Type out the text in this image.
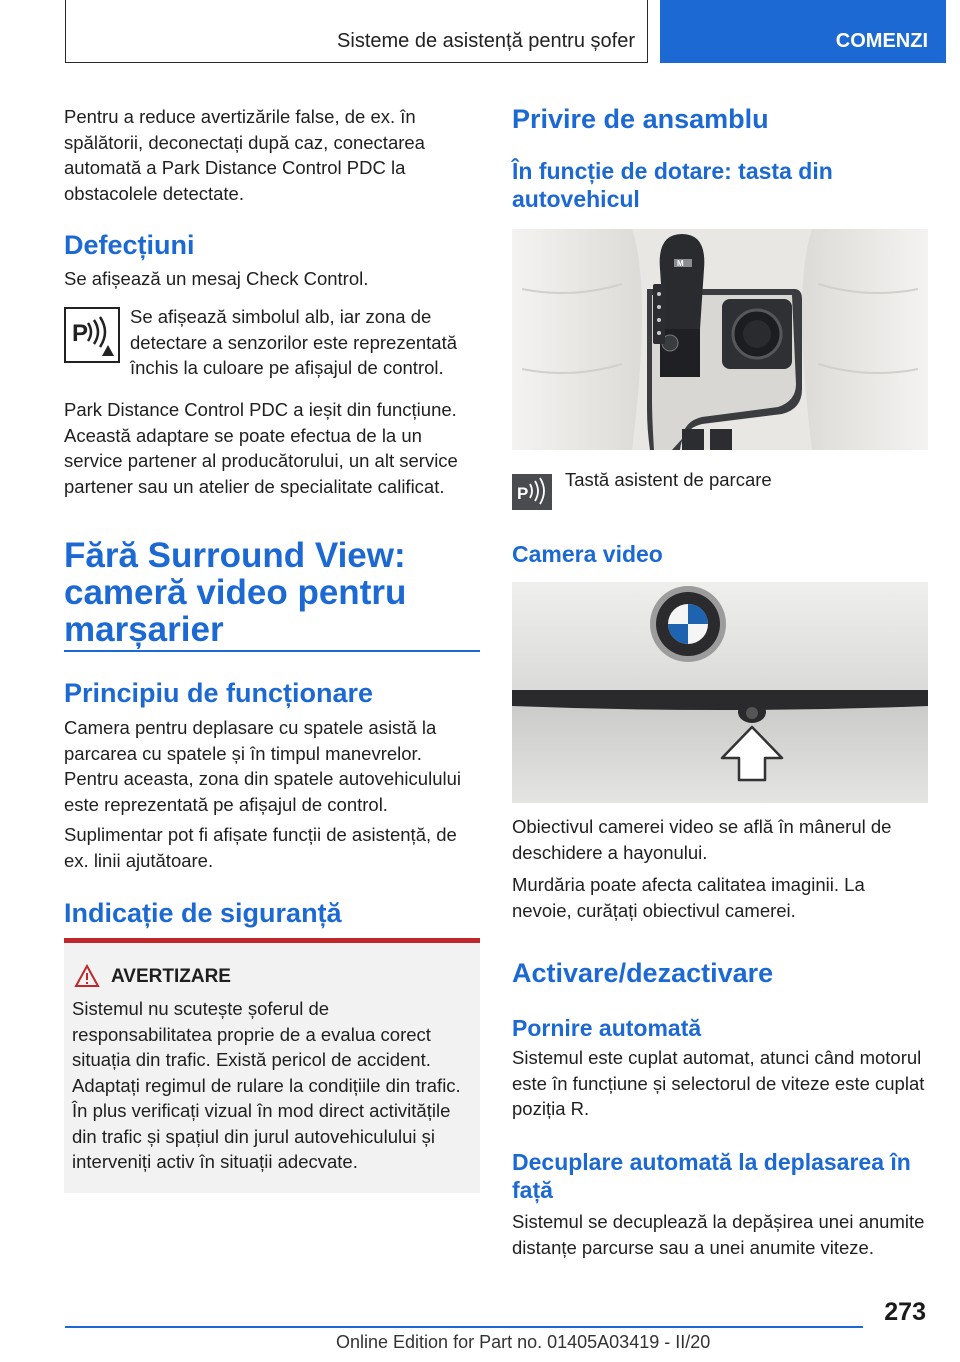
Sisteme de asistență pentru șofer	COMENZI

Pentru a reduce avertizările false, de ex. în spălătorii, deconectați după caz, conectarea automată a Park Distance Control PDC la obstacolele detectate.

Defecțiuni

Se afișează un mesaj Check Control.

P

Se afișează simbolul alb, iar zona de detectare a senzorilor este reprezentată închis la culoare pe afișajul de control.

Park Distance Control PDC a ieșit din funcțiune. Această adaptare se poate efectua de la un service partener al producătorului, un alt service partener sau un atelier de specialitate calificat.

Fără Surround View:
cameră video pentru
marșarier
Principiu de funcționare

Camera pentru deplasare cu spatele asistă la parcarea cu spatele și în timpul manevrelor. Pentru aceasta, zona din spatele autovehiculului este reprezentată pe afișajul de control.

Suplimentar pot fi afișate funcții de asistență, de ex. linii ajutătoare.

Indicație de siguranță
AVERTIZARE

Sistemul nu scutește șoferul de responsabilitatea proprie de a evalua corect situația din trafic. Există pericol de accident. Adaptați regimul de rulare la condițiile din trafic. În plus verificați vizual în mod direct activitățile din trafic și spațiul din jurul autovehiculului și interveniți activ în situații adecvate.

Privire de ansamblu
În funcție de dotare: tasta din autovehicul
M
P

Tastă asistent de parcare

Camera video

Obiectivul camerei video se află în mânerul de deschidere a hayonului.

Murdăria poate afecta calitatea imaginii. La nevoie, curățați obiectivul camerei.

Activare/dezactivare
Pornire automată

Sistemul este cuplat automat, atunci când motorul este în funcțiune și selectorul de viteze este cuplat poziția R.

Decuplare automată la deplasarea în față

Sistemul se decuplează la depășirea unei anumite distanțe parcurse sau a unei anumite viteze.

273
Online Edition for Part no. 01405A03419 - II/20
